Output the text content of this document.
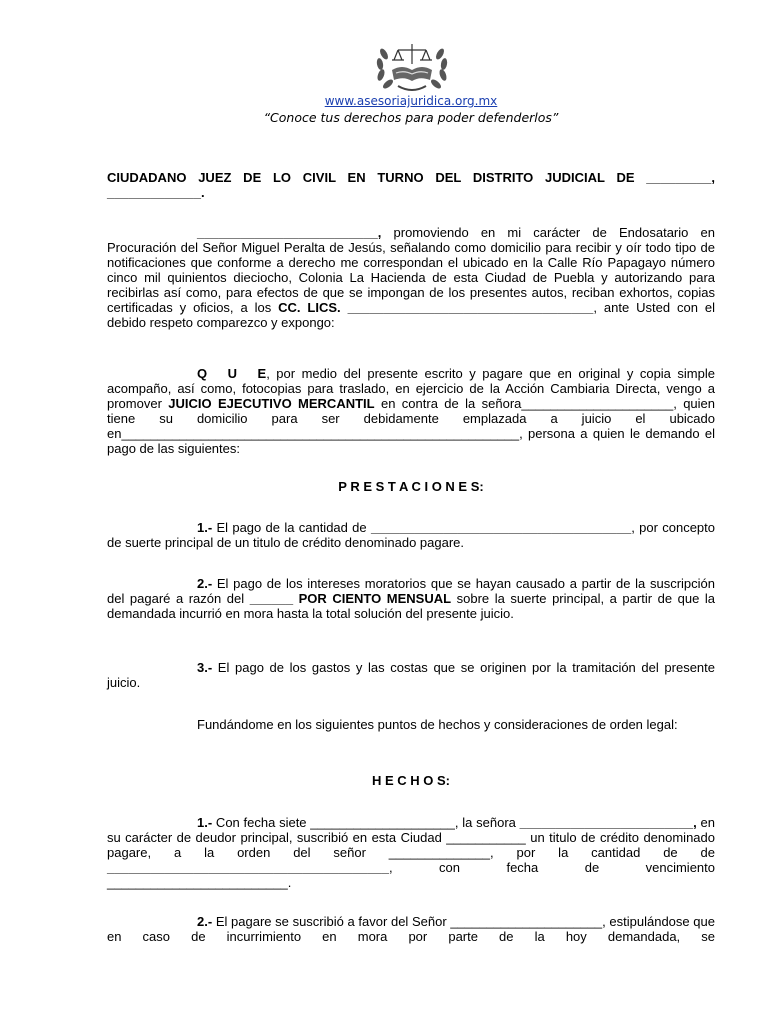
www.asesoriajuridica.org.mx
“Conoce tus derechos para poder defenderlos”

CIUDADANO JUEZ DE LO CIVIL EN TURNO DEL DISTRITO JUDICIAL DE _________,
_____________.

_________________________, promoviendo en mi carácter de Endosatario en Procuración del Señor Miguel Peralta de Jesús, señalando como domicilio para recibir y oír todo tipo de notificaciones que conforme a derecho me correspondan el ubicado en la Calle Río Papagayo número cinco mil quinientos dieciocho, Colonia La Hacienda de esta Ciudad de Puebla y autorizando para recibirlas así como, para efectos de que se impongan de los presentes autos, reciban exhortos, copias certificadas y oficios, a los CC. LICS. __________________________________, ante Usted con el debido respeto comparezco y expongo:

Q U E, por medio del presente escrito y pagare que en original y copia simple acompaño, así como, fotocopias para traslado, en ejercicio de la Acción Cambiaria Directa, vengo a promover JUICIO EJECUTIVO MERCANTIL en contra de la señora_____________________, quien tiene su domicilio para ser debidamente emplazada a juicio el ubicado en_______________________________________________________, persona a quien le demando el pago de las siguientes:

P R E S T A C I O N E S:

1.- El pago de la cantidad de ____________________________________, por concepto de suerte principal de un titulo de crédito denominado pagare.

2.- El pago de los intereses moratorios que se hayan causado a partir de la suscripción del pagaré a razón del ______ POR CIENTO MENSUAL sobre la suerte principal, a partir de que la demandada incurrió en mora hasta la total solución del presente juicio.

3.- El pago de los gastos y las costas que se originen por la tramitación del presente juicio.

Fundándome en los siguientes puntos de hechos y consideraciones de orden legal:

H E C H O S:

1.- Con fecha siete ____________________, la señora ________________________, en su carácter de deudor principal, suscribió en esta Ciudad ___________ un titulo de crédito denominado pagare, a la orden del señor ______________, por la cantidad de de _______________________________________, con fecha de vencimiento _________________________.

2.- El pagare se suscribió a favor del Señor _____________________, estipulándose que en caso de incurrimiento en mora por parte de la hoy demandada, se
